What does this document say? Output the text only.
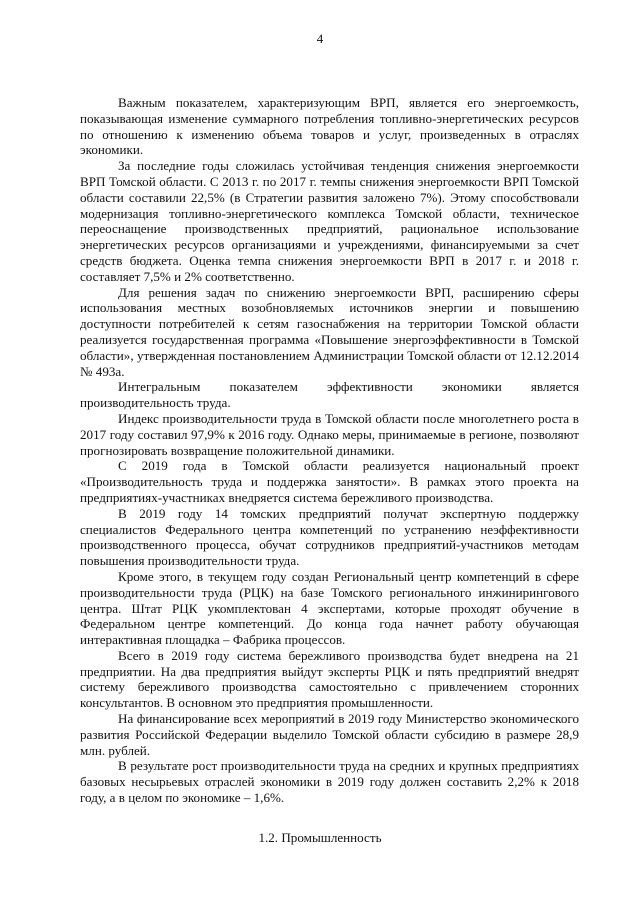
4

Важным показателем, характеризующим ВРП, является его энергоемкость, показывающая изменение суммарного потребления топливно-энергетических ресурсов по отношению к изменению объема товаров и услуг, произведенных в отраслях экономики.

За последние годы сложилась устойчивая тенденция снижения энергоемкости ВРП Томской области. С 2013 г. по 2017 г. темпы снижения энергоемкости ВРП Томской области составили 22,5% (в Стратегии развития заложено 7%). Этому способствовали модернизация топливно-энергетического комплекса Томской области, техническое переоснащение производственных предприятий, рациональное использование энергетических ресурсов организациями и учреждениями, финансируемыми за счет средств бюджета. Оценка темпа снижения энергоемкости ВРП в 2017 г. и 2018 г. составляет 7,5% и 2% соответственно.

Для решения задач по снижению энергоемкости ВРП, расширению сферы использования местных возобновляемых источников энергии и повышению доступности потребителей к сетям газоснабжения на территории Томской области реализуется государственная программа «Повышение энергоэффективности в Томской области», утвержденная постановлением Администрации Томской области от 12.12.2014 № 493а.

Интегральным показателем эффективности экономики является производительность труда.

Индекс производительности труда в Томской области после многолетнего роста в 2017 году составил 97,9% к 2016 году. Однако меры, принимаемые в регионе, позволяют прогнозировать возвращение положительной динамики.

С 2019 года в Томской области реализуется национальный проект «Производительность труда и поддержка занятости». В рамках этого проекта на предприятиях-участниках внедряется система бережливого производства.

В 2019 году 14 томских предприятий получат экспертную поддержку специалистов Федерального центра компетенций по устранению неэффективности производственного процесса, обучат сотрудников предприятий-участников методам повышения производительности труда.

Кроме этого, в текущем году создан Региональный центр компетенций в сфере производительности труда (РЦК) на базе Томского регионального инжинирингового центра. Штат РЦК укомплектован 4 экспертами, которые проходят обучение в Федеральном центре компетенций. До конца года начнет работу обучающая интерактивная площадка – Фабрика процессов.

Всего в 2019 году система бережливого производства будет внедрена на 21 предприятии. На два предприятия выйдут эксперты РЦК и пять предприятий внедрят систему бережливого производства самостоятельно с привлечением сторонних консультантов. В основном это предприятия промышленности.

На финансирование всех мероприятий в 2019 году Министерство экономического развития Российской Федерации выделило Томской области субсидию в размере 28,9 млн. рублей.

В результате рост производительности труда на средних и крупных предприятиях базовых несырьевых отраслей экономики в 2019 году должен составить 2,2% к 2018 году, а в целом по экономике – 1,6%.

1.2. Промышленность
